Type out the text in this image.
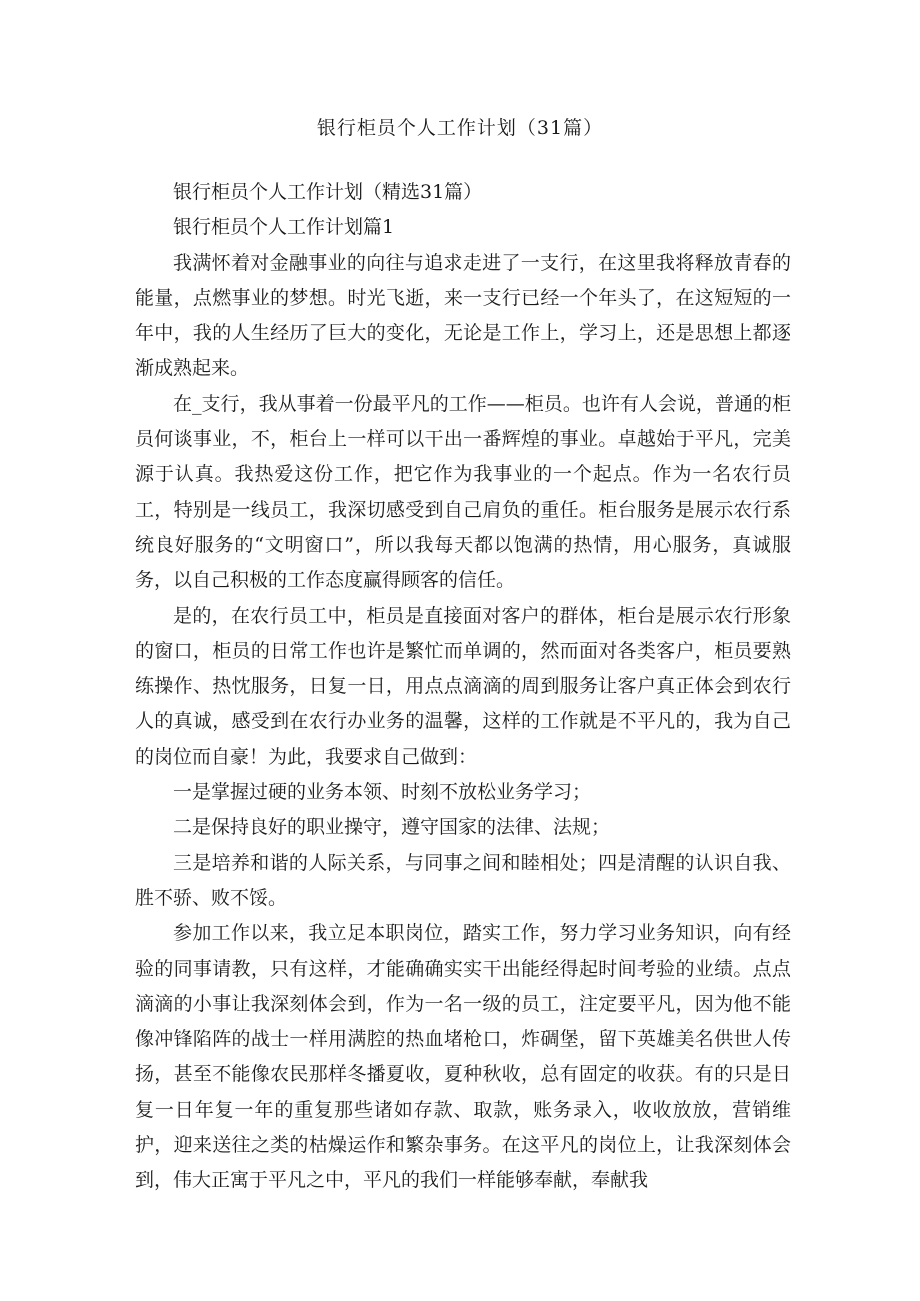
银行柜员个人工作计划（31篇）

银行柜员个人工作计划（精选31篇）

银行柜员个人工作计划篇1

我满怀着对金融事业的向往与追求走进了一支行，在这里我将释放青春的能量，点燃事业的梦想。时光飞逝，来一支行已经一个年头了，在这短短的一年中，我的人生经历了巨大的变化，无论是工作上，学习上，还是思想上都逐渐成熟起来。

在_支行，我从事着一份最平凡的工作——柜员。也许有人会说，普通的柜员何谈事业，不，柜台上一样可以干出一番辉煌的事业。卓越始于平凡，完美源于认真。我热爱这份工作，把它作为我事业的一个起点。作为一名农行员工，特别是一线员工，我深切感受到自己肩负的重任。柜台服务是展示农行系统良好服务的“文明窗口”，所以我每天都以饱满的热情，用心服务，真诚服务，以自己积极的工作态度赢得顾客的信任。

是的，在农行员工中，柜员是直接面对客户的群体，柜台是展示农行形象的窗口，柜员的日常工作也许是繁忙而单调的，然而面对各类客户，柜员要熟练操作、热忱服务，日复一日，用点点滴滴的周到服务让客户真正体会到农行人的真诚，感受到在农行办业务的温馨，这样的工作就是不平凡的，我为自己的岗位而自豪！为此，我要求自己做到：

一是掌握过硬的业务本领、时刻不放松业务学习；

二是保持良好的职业操守，遵守国家的法律、法规；

三是培养和谐的人际关系，与同事之间和睦相处；四是清醒的认识自我、胜不骄、败不馁。

参加工作以来，我立足本职岗位，踏实工作，努力学习业务知识，向有经验的同事请教，只有这样，才能确确实实干出能经得起时间考验的业绩。点点滴滴的小事让我深刻体会到，作为一名一级的员工，注定要平凡，因为他不能像冲锋陷阵的战士一样用满腔的热血堵枪口，炸碉堡，留下英雄美名供世人传扬，甚至不能像农民那样冬播夏收，夏种秋收，总有固定的收获。有的只是日复一日年复一年的重复那些诸如存款、取款，账务录入，收收放放，营销维护，迎来送往之类的枯燥运作和繁杂事务。在这平凡的岗位上，让我深刻体会到，伟大正寓于平凡之中，平凡的我们一样能够奉献，奉献我
